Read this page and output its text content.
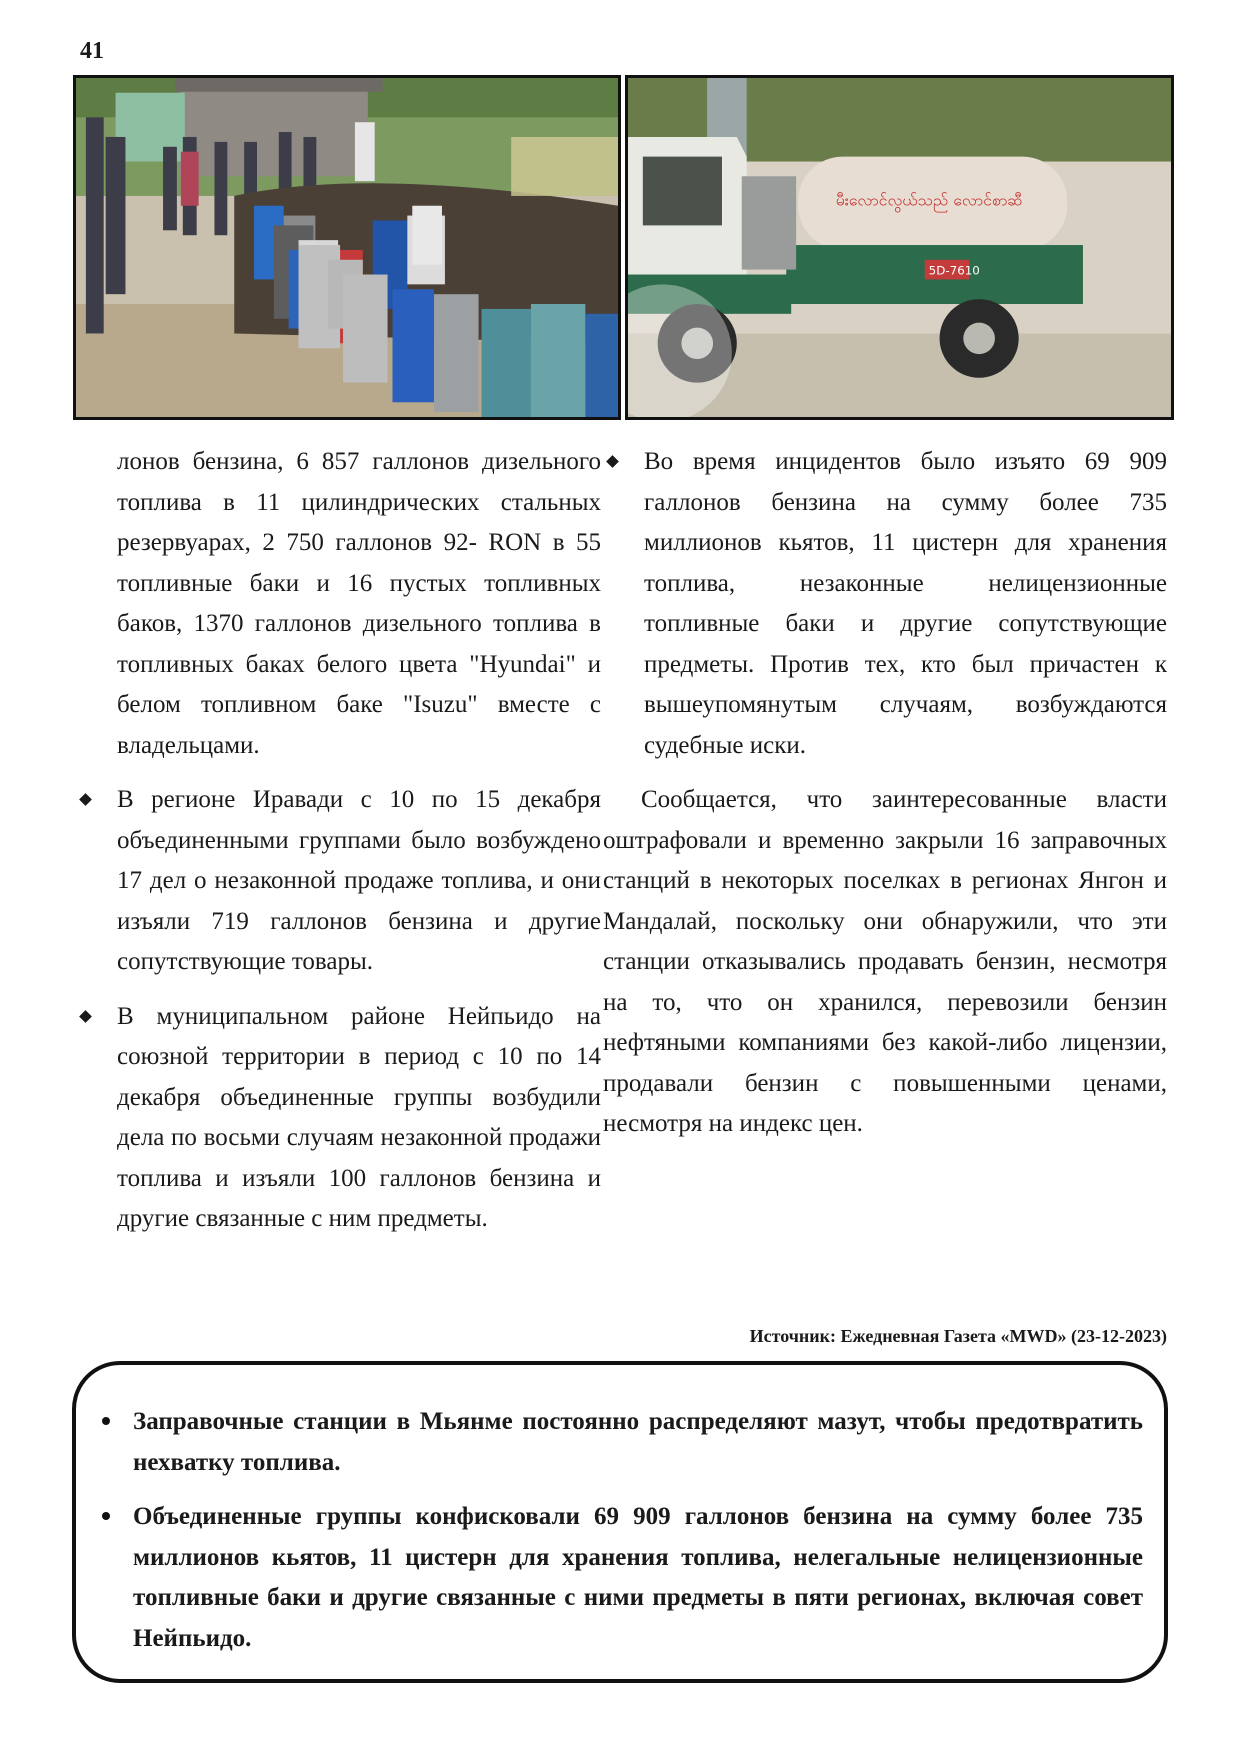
41
မီးလောင်လွယ်သည် လောင်စာဆီ
5D-7610

лонов бензина, 6 857 галлонов дизельного топлива в 11 цилиндрических стальных резервуарах, 2 750 галлонов 92- RON в 55 топливные баки и 16 пустых топливных баков, 1370 галлонов дизельного топлива в топливных баках белого цвета "Hyundai" и белом топливном баке "Isuzu" вместе с владельцами.

В регионе Иравади с 10 по 15 декабря объединенными группами было возбуждено 17 дел о незаконной продаже топлива, и они изъяли 719 галлонов бензина и другие сопутствующие товары.

В муниципальном районе Нейпьидо на союзной территории в период с 10 по 14 декабря объединенные группы возбудили дела по восьми случаям незаконной продажи топлива и изъяли 100 галлонов бензина и другие связанные с ним предметы.

Во время инцидентов было изъято 69 909 галлонов бензина на сумму более 735 миллионов кьятов, 11 цистерн для хранения топлива, незаконные нелицензионные топливные баки и другие сопутствующие предметы. Против тех, кто был причастен к вышеупомянутым случаям, возбуждаются судебные иски.

Сообщается, что заинтересованные власти оштрафовали и временно закрыли 16 заправочных станций в некоторых поселках в регионах Янгон и Мандалай, поскольку они обнаружили, что эти станции отказывались продавать бензин, несмотря на то, что он хранился, перевозили бензин нефтяными компаниями без какой-либо лицензии, продавали бензин с повышенными ценами, несмотря на индекс цен.

Источник: Ежедневная Газета «MWD» (23-12-2023)
Заправочные станции в Мьянме постоянно распределяют мазут, чтобы предотвратить нехватку топлива.
Объединенные группы конфисковали 69 909 галлонов бензина на сумму более 735 миллионов кьятов, 11 цистерн для хранения топлива, нелегальные нелицензионные топливные баки и другие связанные с ними предметы в пяти регионах, включая совет Нейпьидо.
